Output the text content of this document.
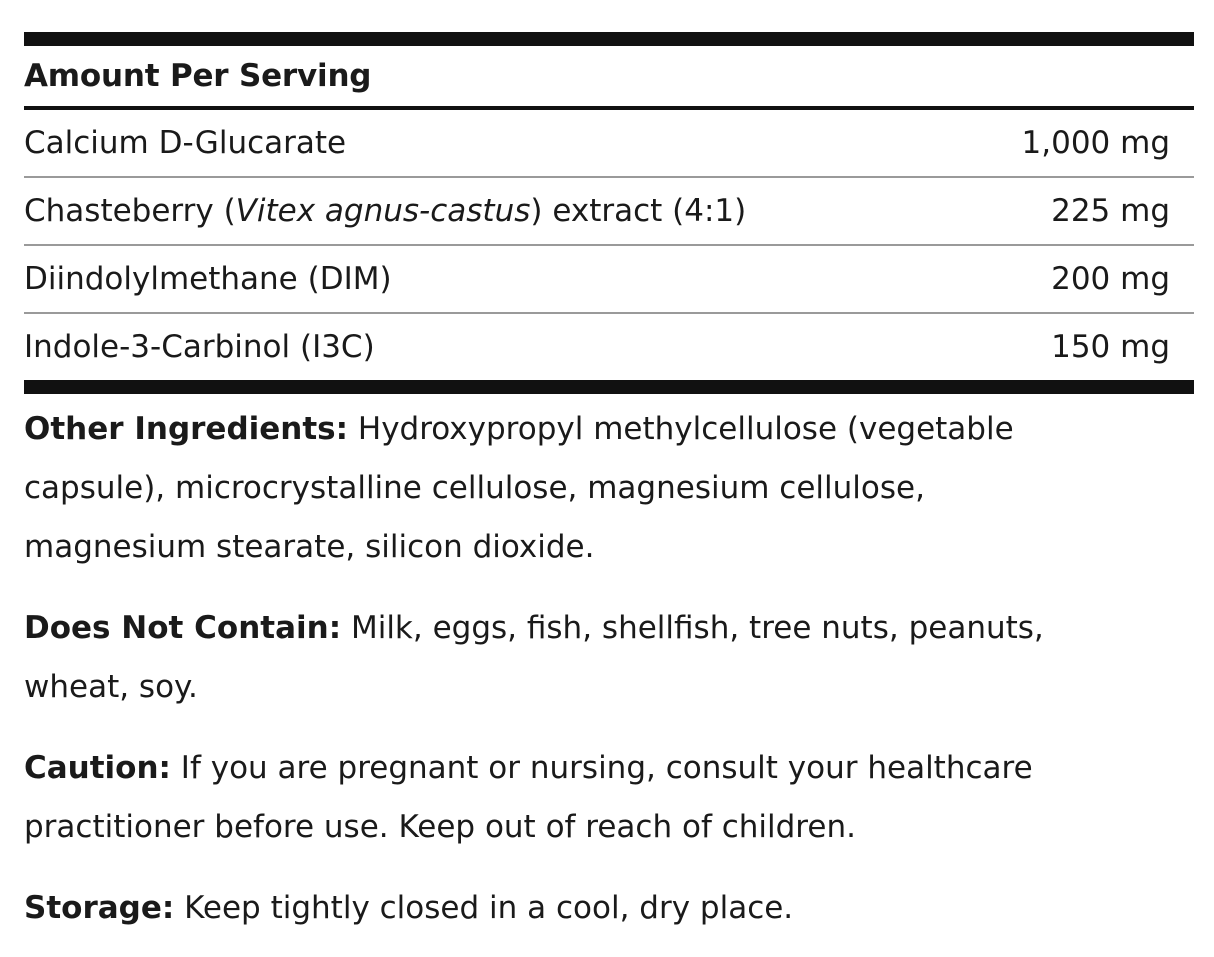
Amount Per Serving
Calcium D-Glucarate	1,000 mg
Chasteberry (Vitex agnus-castus) extract (4:1)	225 mg
Diindolylmethane (DIM)	200 mg
Indole-3-Carbinol (I3C)	150 mg
Other Ingredients: Hydroxypropyl methylcellulose (vegetable capsule), microcrystalline cellulose, magnesium cellulose, magnesium stearate, silicon dioxide.
Does Not Contain: Milk, eggs, fish, shellfish, tree nuts, peanuts, wheat, soy.
Caution: If you are pregnant or nursing, consult your healthcare practitioner before use. Keep out of reach of children.
Storage: Keep tightly closed in a cool, dry place.
